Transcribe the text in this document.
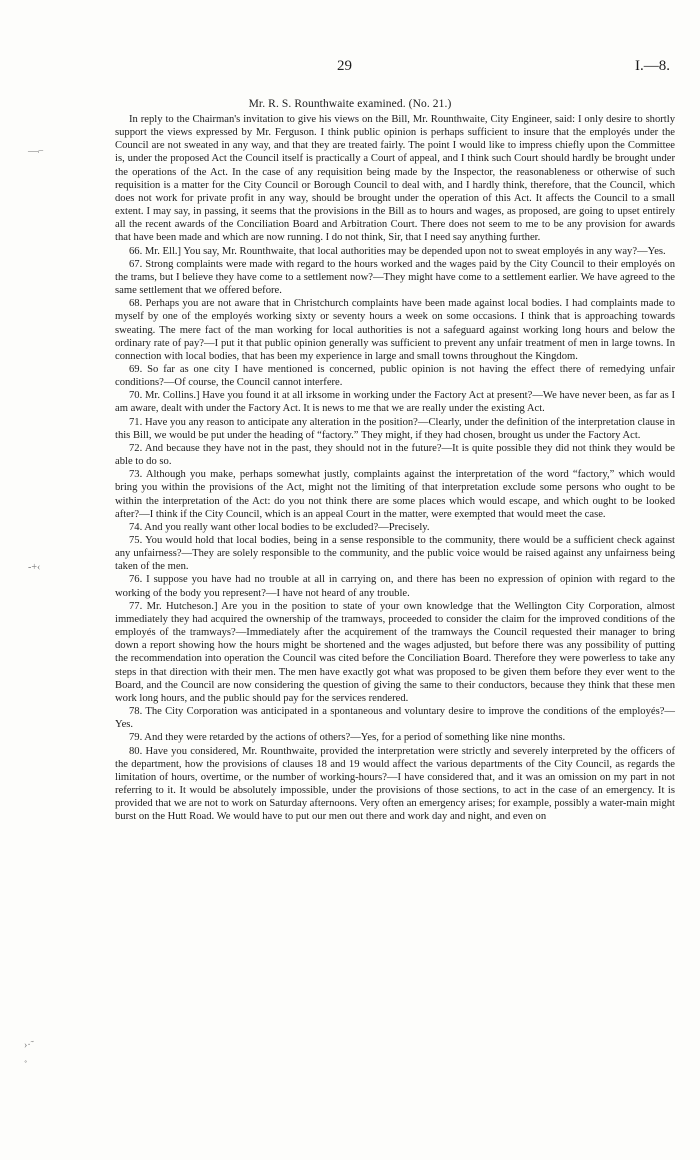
29	I.—8.
Mr. R. S. Rounthwaite examined. (No. 21.)
—⌐
-+‹
›·˜
˚

In reply to the Chairman's invitation to give his views on the Bill, Mr. Rounthwaite, City Engineer, said: I only desire to shortly support the views expressed by Mr. Ferguson. I think public opinion is perhaps sufficient to insure that the employés under the Council are not sweated in any way, and that they are treated fairly. The point I would like to impress chiefly upon the Committee is, under the proposed Act the Council itself is practically a Court of appeal, and I think such Court should hardly be brought under the operations of the Act. In the case of any requisition being made by the Inspector, the reasonableness or otherwise of such requisition is a matter for the City Council or Borough Council to deal with, and I hardly think, therefore, that the Council, which does not work for private profit in any way, should be brought under the operation of this Act. It affects the Council to a small extent. I may say, in passing, it seems that the provisions in the Bill as to hours and wages, as proposed, are going to upset entirely all the recent awards of the Conciliation Board and Arbitration Court. There does not seem to me to be any provision for awards that have been made and which are now running. I do not think, Sir, that I need say anything further.

66. Mr. Ell.] You say, Mr. Rounthwaite, that local authorities may be depended upon not to sweat employés in any way?—Yes.

67. Strong complaints were made with regard to the hours worked and the wages paid by the City Council to their employés on the trams, but I believe they have come to a settlement now?—They might have come to a settlement earlier. We have agreed to the same settlement that we offered before.

68. Perhaps you are not aware that in Christchurch complaints have been made against local bodies. I had complaints made to myself by one of the employés working sixty or seventy hours a week on some occasions. I think that is approaching towards sweating. The mere fact of the man working for local authorities is not a safeguard against working long hours and below the ordinary rate of pay?—I put it that public opinion generally was sufficient to prevent any unfair treatment of men in large towns. In connection with local bodies, that has been my experience in large and small towns throughout the Kingdom.

69. So far as one city I have mentioned is concerned, public opinion is not having the effect there of remedying unfair conditions?—Of course, the Council cannot interfere.

70. Mr. Collins.] Have you found it at all irksome in working under the Factory Act at present?—We have never been, as far as I am aware, dealt with under the Factory Act. It is news to me that we are really under the existing Act.

71. Have you any reason to anticipate any alteration in the position?—Clearly, under the definition of the interpretation clause in this Bill, we would be put under the heading of “factory.” They might, if they had chosen, brought us under the Factory Act.

72. And because they have not in the past, they should not in the future?—It is quite possible they did not think they would be able to do so.

73. Although you make, perhaps somewhat justly, complaints against the interpretation of the word “factory,” which would bring you within the provisions of the Act, might not the limiting of that interpretation exclude some persons who ought to be within the interpretation of the Act: do you not think there are some places which would escape, and which ought to be looked after?—I think if the City Council, which is an appeal Court in the matter, were exempted that would meet the case.

74. And you really want other local bodies to be excluded?—Precisely.

75. You would hold that local bodies, being in a sense responsible to the community, there would be a sufficient check against any unfairness?—They are solely responsible to the community, and the public voice would be raised against any unfairness being taken of the men.

76. I suppose you have had no trouble at all in carrying on, and there has been no expression of opinion with regard to the working of the body you represent?—I have not heard of any trouble.

77. Mr. Hutcheson.] Are you in the position to state of your own knowledge that the Wellington City Corporation, almost immediately they had acquired the ownership of the tramways, proceeded to consider the claim for the improved conditions of the employés of the tramways?—Immediately after the acquirement of the tramways the Council requested their manager to bring down a report showing how the hours might be shortened and the wages adjusted, but before there was any possibility of putting the recommendation into operation the Council was cited before the Conciliation Board. Therefore they were powerless to take any steps in that direction with their men. The men have exactly got what was proposed to be given them before they ever went to the Board, and the Council are now considering the question of giving the same to their conductors, because they think that these men work long hours, and the public should pay for the services rendered.

78. The City Corporation was anticipated in a spontaneous and voluntary desire to improve the conditions of the employés?—Yes.

79. And they were retarded by the actions of others?—Yes, for a period of something like nine months.

80. Have you considered, Mr. Rounthwaite, provided the interpretation were strictly and severely interpreted by the officers of the department, how the provisions of clauses 18 and 19 would affect the various departments of the City Council, as regards the limitation of hours, overtime, or the number of working-hours?—I have considered that, and it was an omission on my part in not referring to it. It would be absolutely impossible, under the provisions of those sections, to act in the case of an emergency. It is provided that we are not to work on Saturday afternoons. Very often an emergency arises; for example, possibly a water-main might burst on the Hutt Road. We would have to put our men out there and work day and night, and even on
